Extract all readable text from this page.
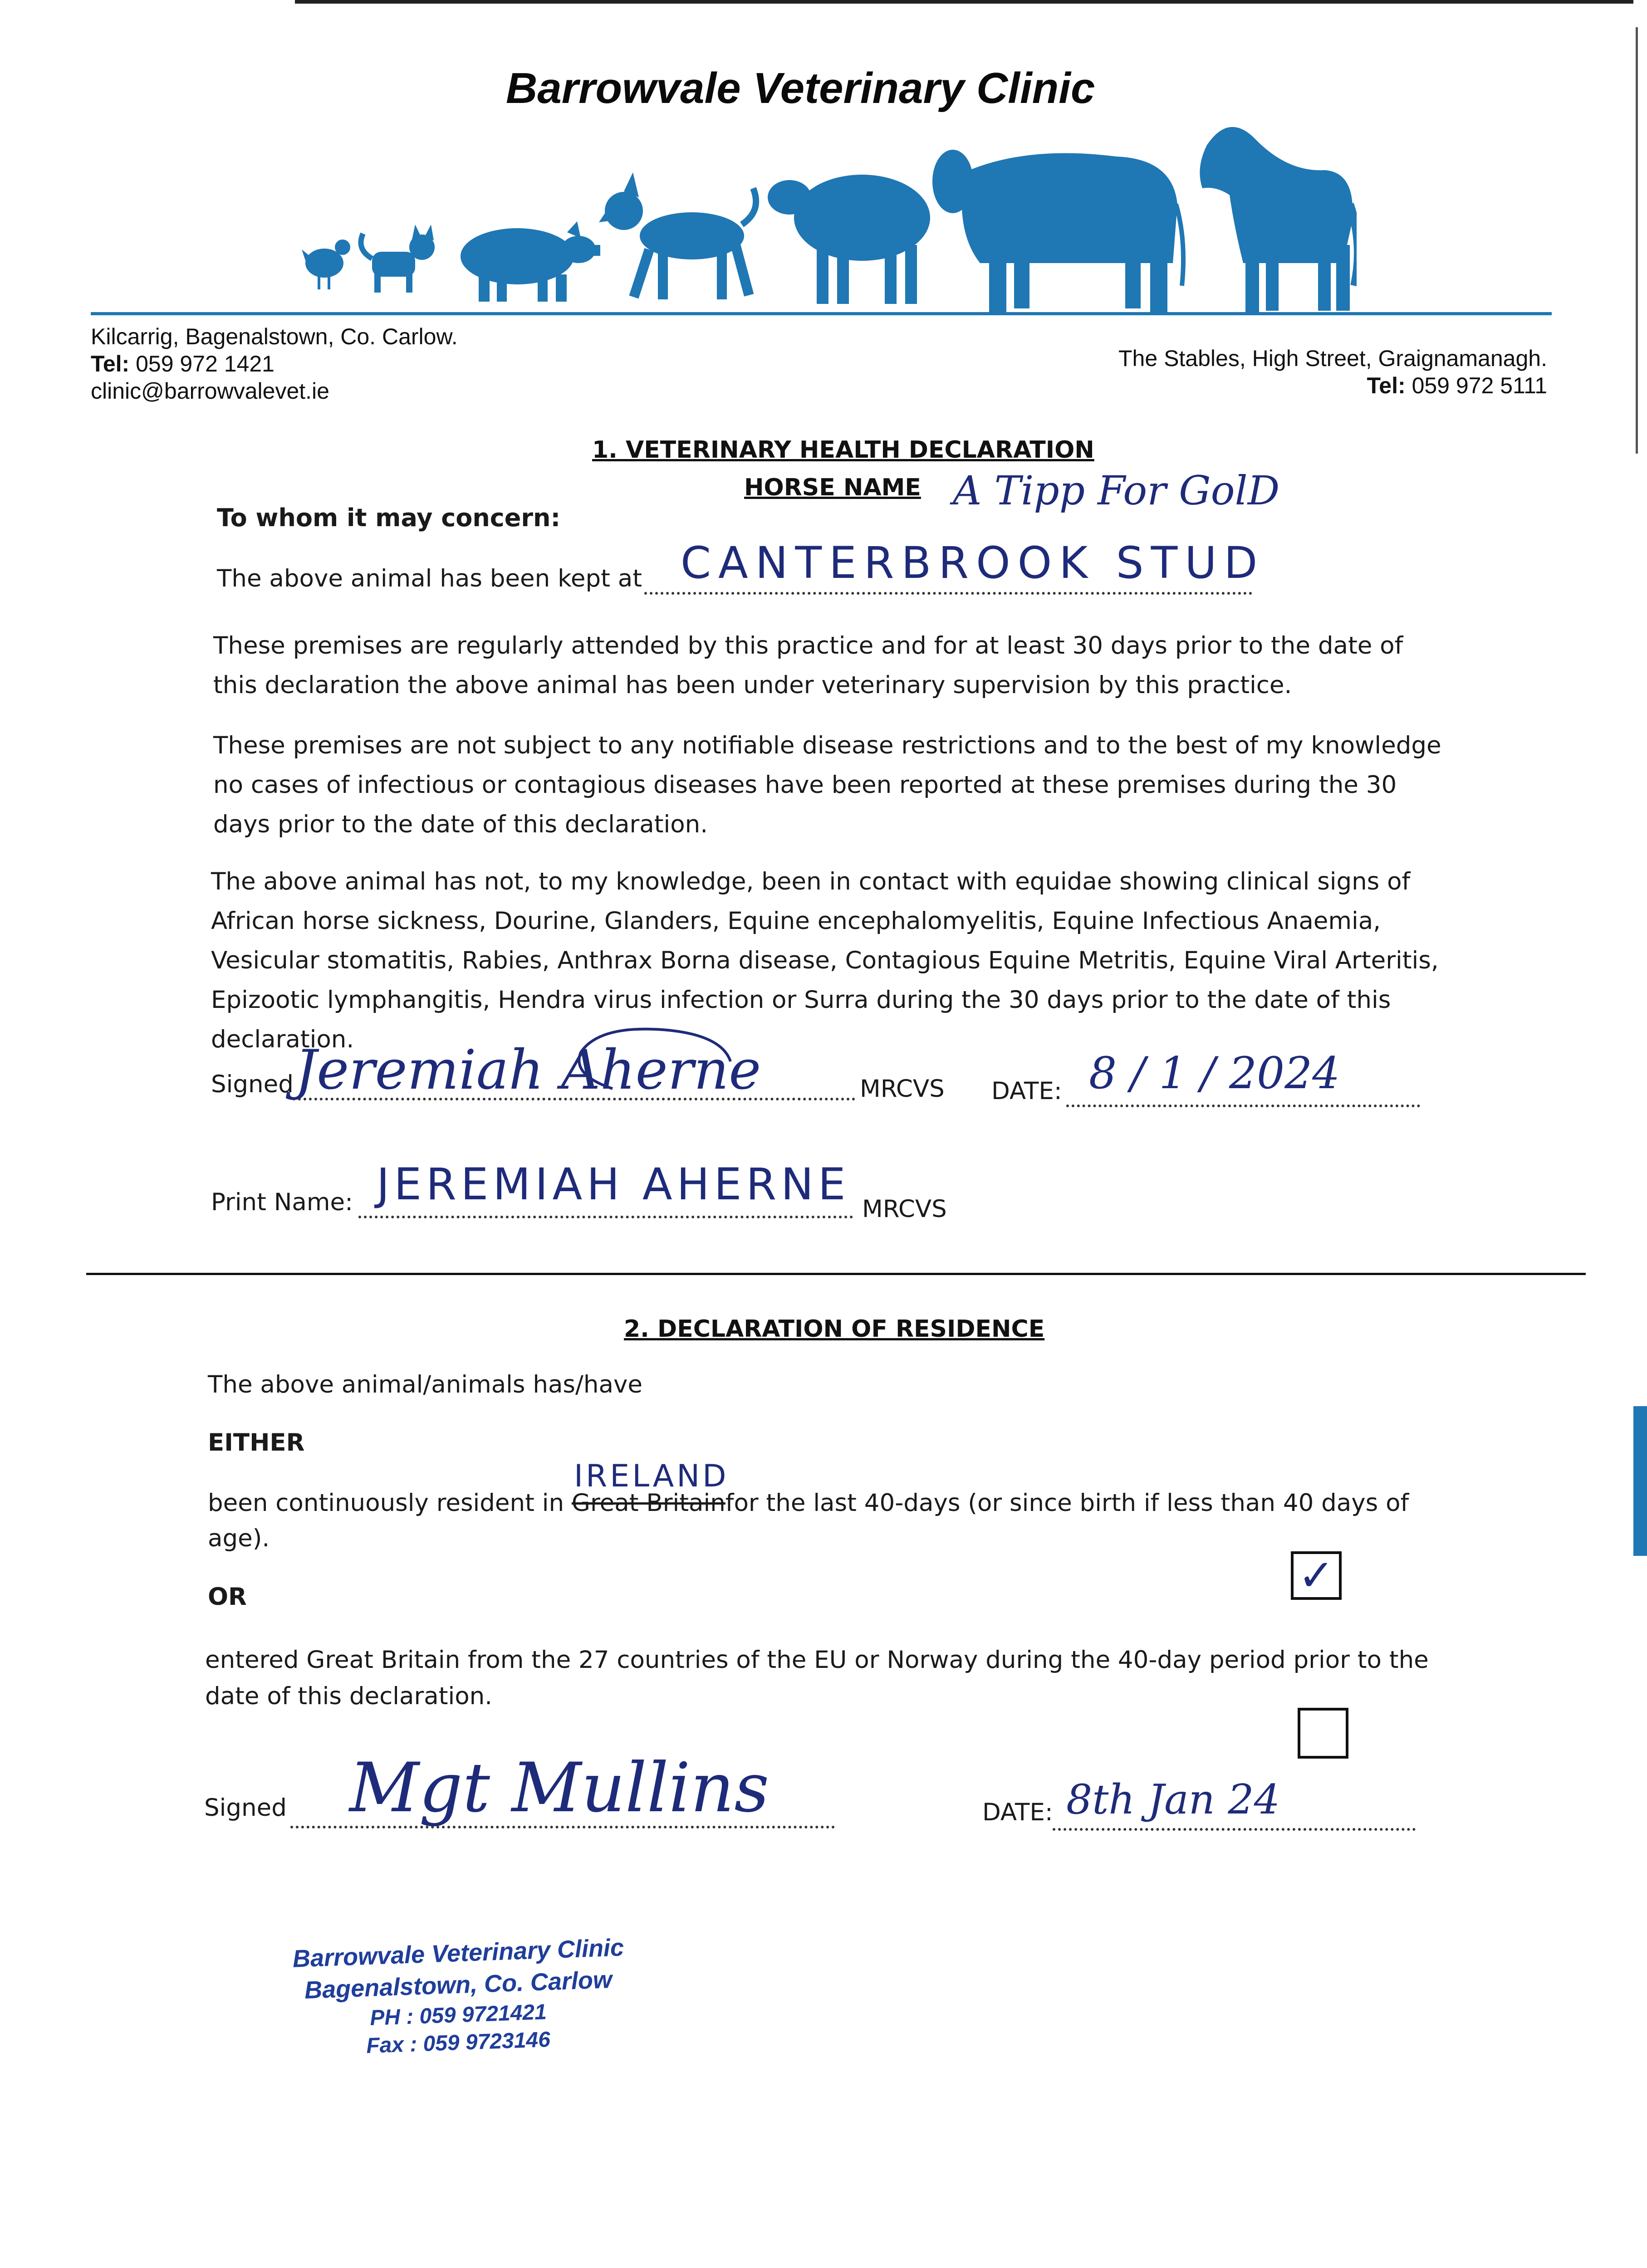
Barrowvale Veterinary Clinic
Kilcarrig, Bagenalstown, Co. Carlow.
Tel: 059 972 1421
clinic@barrowvalevet.ie
The Stables, High Street, Graignamanagh.
Tel: 059 972 5111
1. VETERINARY HEALTH DECLARATION
HORSE NAME A Tipp For GolD
To whom it may concern:
The above animal has been kept at CANTERBROOK STUD
These premises are regularly attended by this practice and for at least 30 days prior to the date of this declaration the above animal has been under veterinary supervision by this practice.
These premises are not subject to any notifiable disease restrictions and to the best of my knowledge no cases of infectious or contagious diseases have been reported at these premises during the 30 days prior to the date of this declaration.
The above animal has not, to my knowledge, been in contact with equidae showing clinical signs of African horse sickness, Dourine, Glanders, Equine encephalomyelitis, Equine Infectious Anaemia, Vesicular stomatitis, Rabies, Anthrax Borna disease, Contagious Equine Metritis, Equine Viral Arteritis, Epizootic lymphangitis, Hendra virus infection or Surra during the 30 days prior to the date of this declaration.
Signed Jeremiah Aherne	MRCVS DATE: 8 / 1 / 2024
Print Name: JEREMIAH AHERNE MRCVS
2. DECLARATION OF RESIDENCE
The above animal/animals has/have
EITHER
IRELAND
been continuously resident in Great Britainfor the last 40-days (or since birth if less than 40 days of age).
✓
OR
entered Great Britain from the 27 countries of the EU or Norway during the 40-day period prior to the date of this declaration.
Signed Mgt Mullins	DATE: 8th Jan 24
Barrowvale Veterinary Clinic
Bagenalstown, Co. Carlow
PH : 059 9721421
Fax : 059 9723146
